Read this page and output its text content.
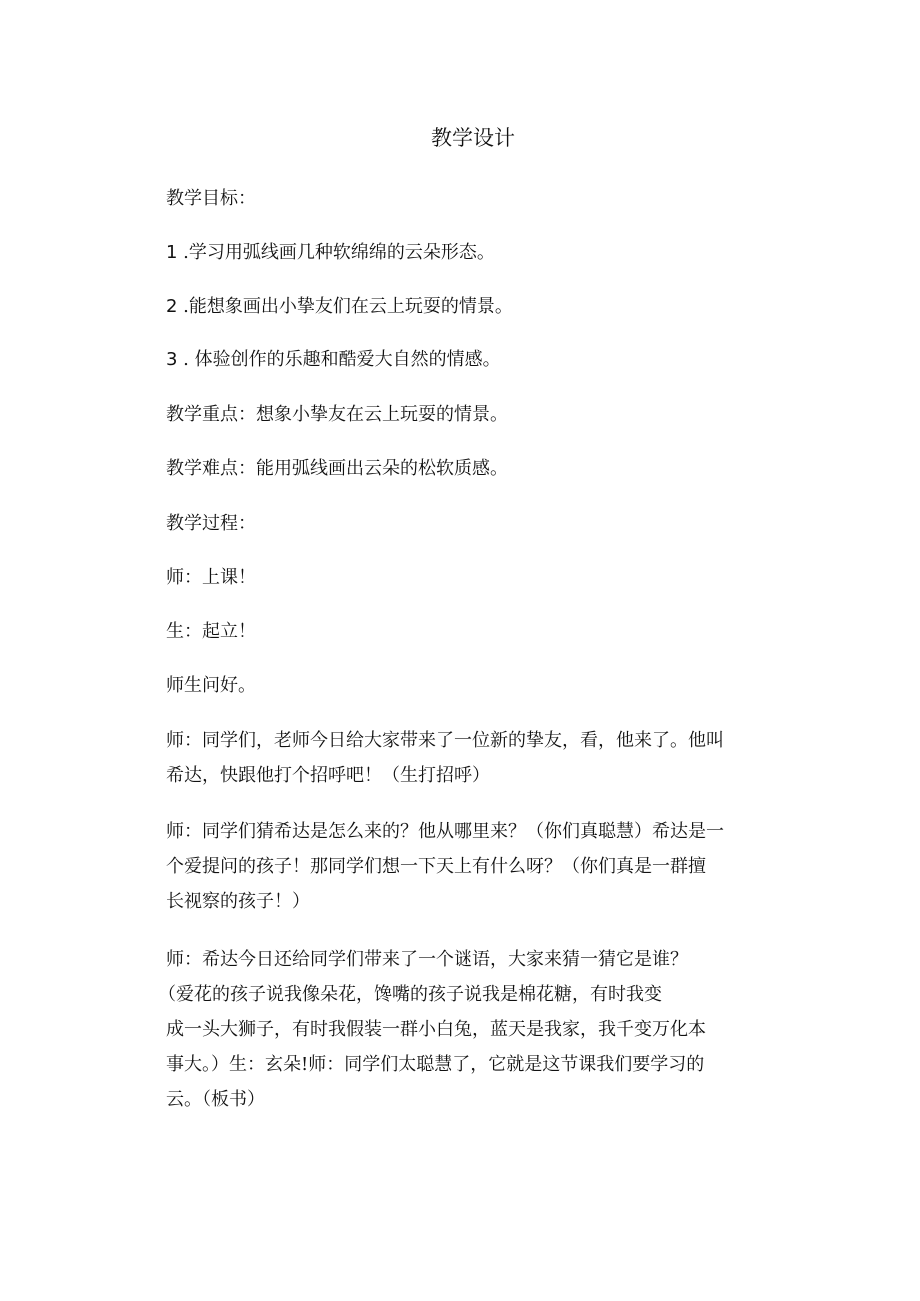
教学设计
教学目标：
1 .学习用弧线画几种软绵绵的云朵形态。
2 .能想象画出小挚友们在云上玩耍的情景。
3 . 体验创作的乐趣和酷爱大自然的情感。
教学重点：想象小挚友在云上玩耍的情景。
教学难点：能用弧线画出云朵的松软质感。
教学过程：
师：上课！
生：起立！
师生问好。
师：同学们，老师今日给大家带来了一位新的挚友，看，他来了。他叫
希达，快跟他打个招呼吧！（生打招呼）
师：同学们猜希达是怎么来的？他从哪里来？（你们真聪慧）希达是一
个爱提问的孩子！那同学们想一下天上有什么呀？（你们真是一群擅
长视察的孩子！）
师：希达今日还给同学们带来了一个谜语，大家来猜一猜它是谁？
（爱花的孩子说我像朵花，馋嘴的孩子说我是棉花糖，有时我变
成一头大狮子，有时我假装一群小白兔，蓝天是我家，我千变万化本
事大。）生：玄朵!师：同学们太聪慧了，它就是这节课我们要学习的
云。（板书）
